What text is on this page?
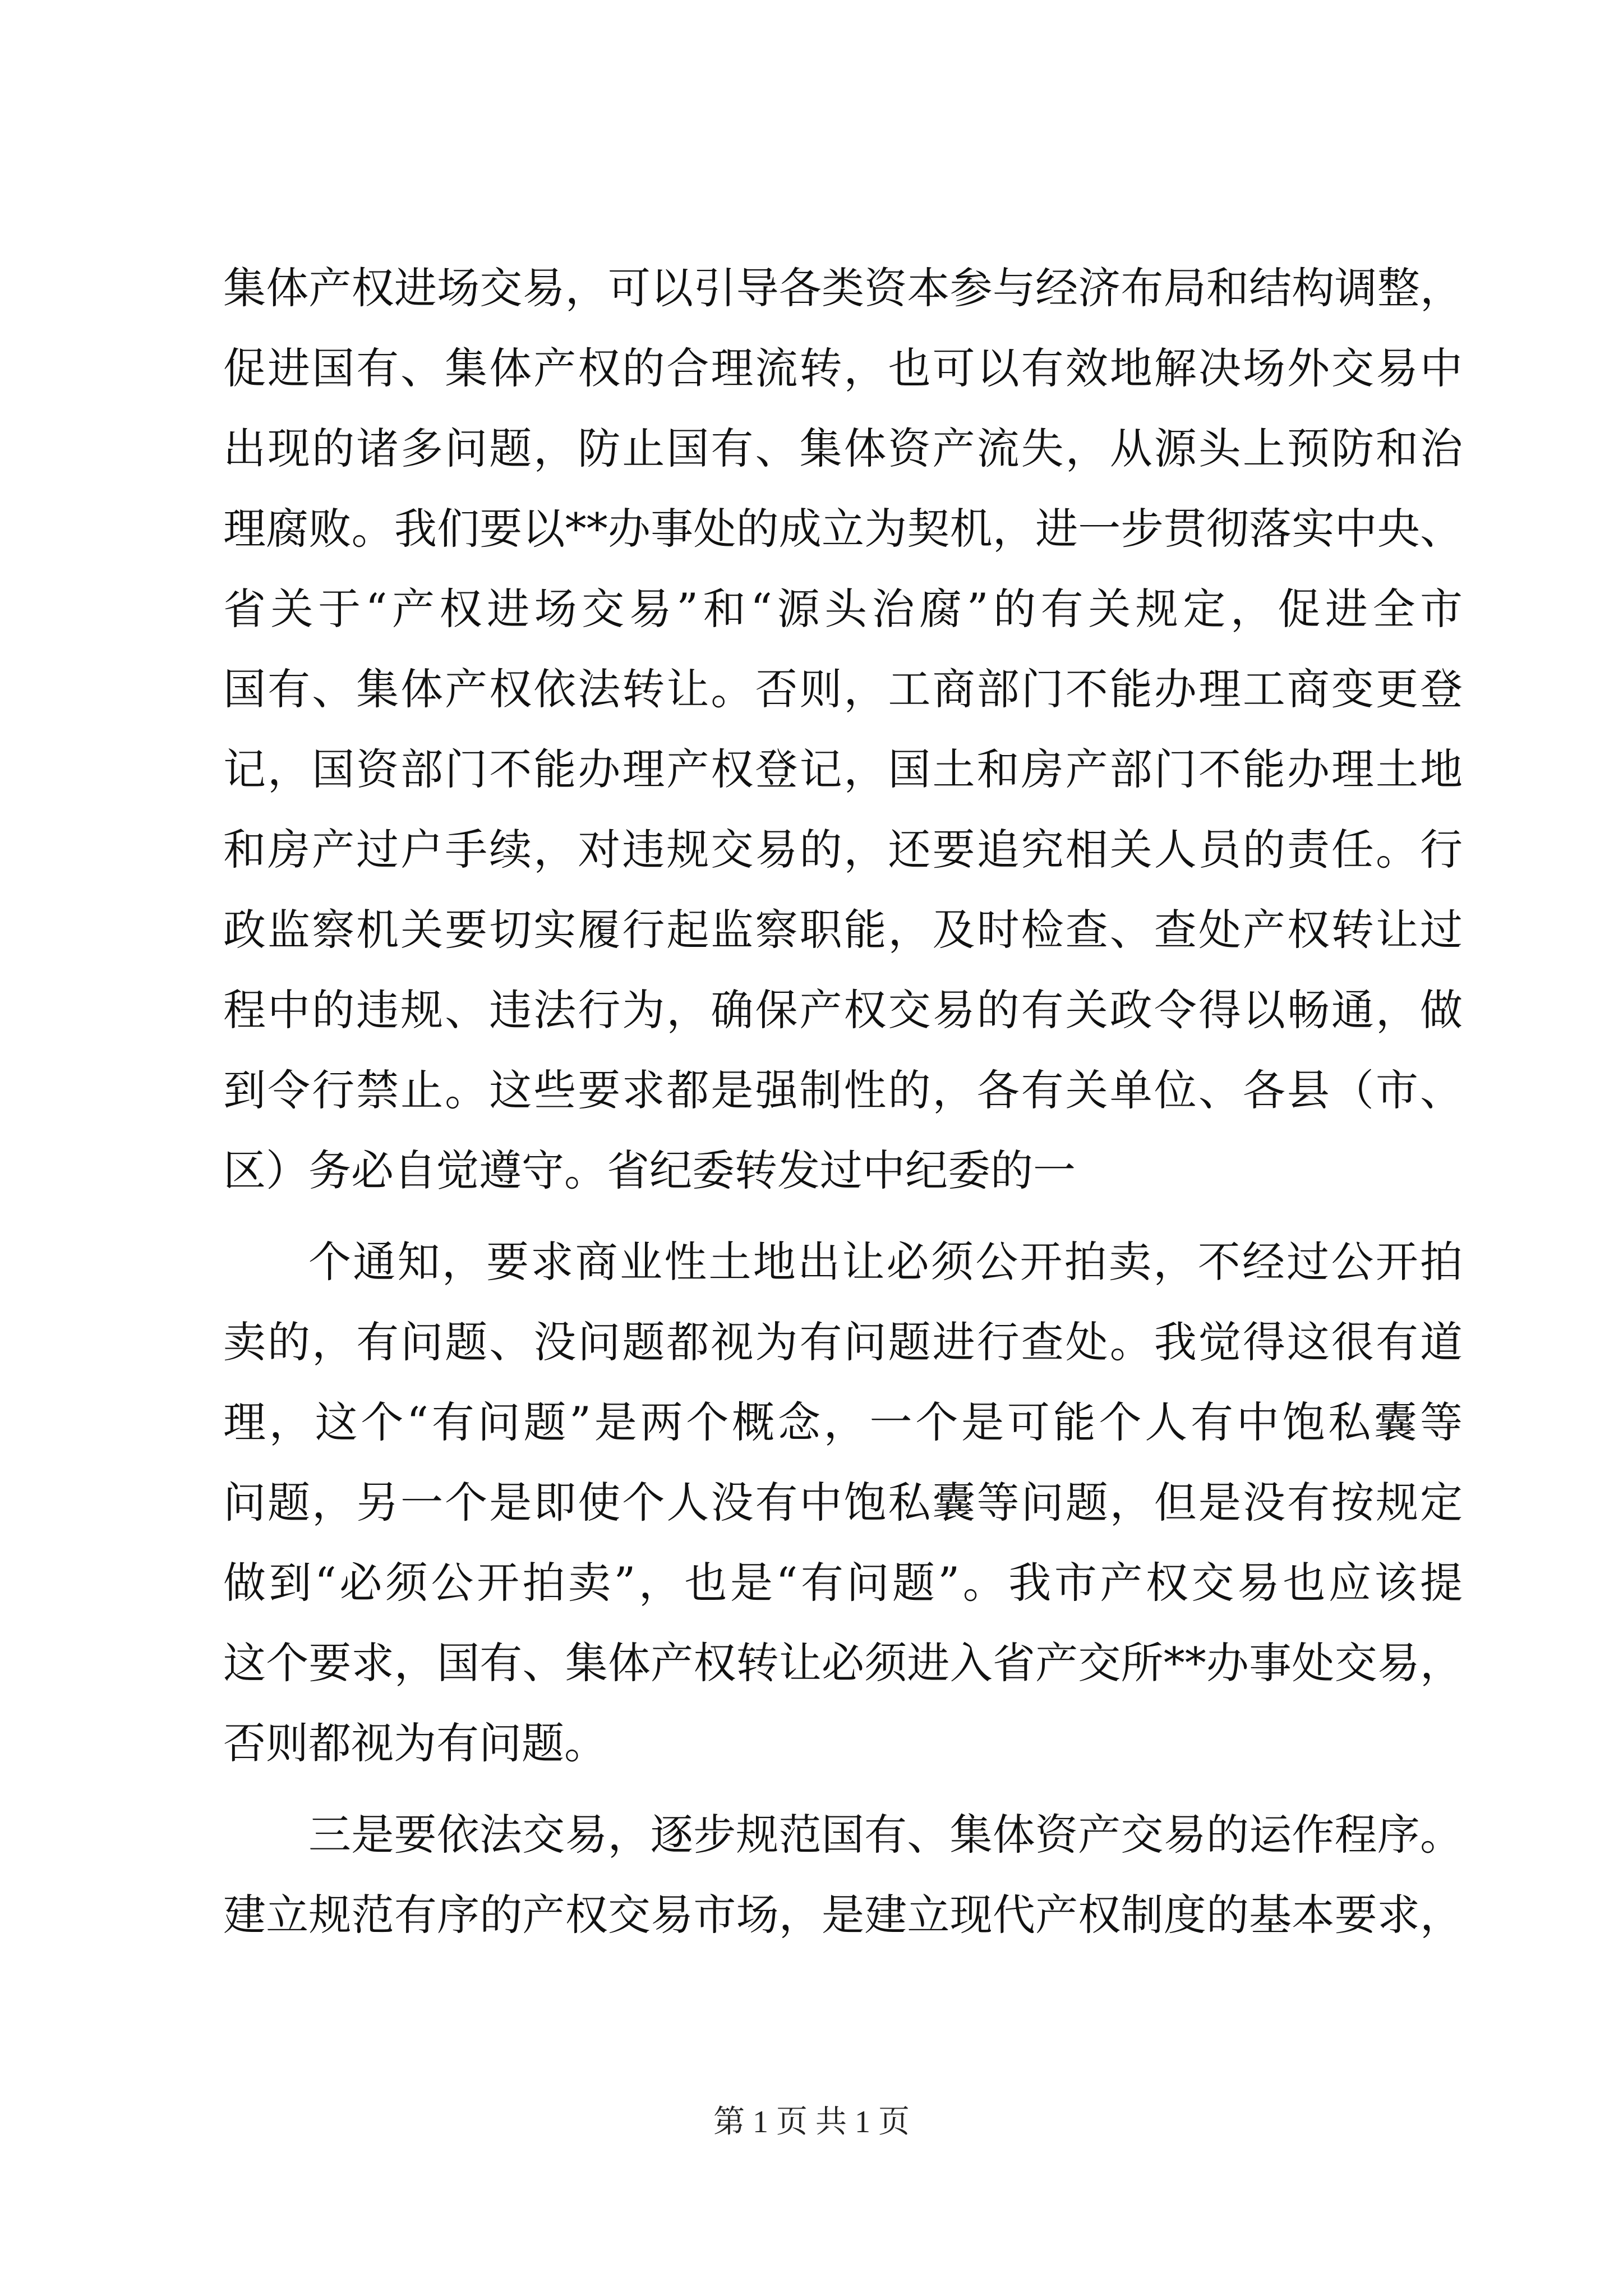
集体产权进场交易，可以引导各类资本参与经济布局和结构调整，
促进国有、集体产权的合理流转，也可以有效地解决场外交易中
出现的诸多问题，防止国有、集体资产流失，从源头上预防和治
理腐败。我们要以**办事处的成立为契机，进一步贯彻落实中央、
省关于“产权进场交易”和“源头治腐”的有关规定，促进全市
国有、集体产权依法转让。否则，工商部门不能办理工商变更登
记，国资部门不能办理产权登记，国土和房产部门不能办理土地
和房产过户手续，对违规交易的，还要追究相关人员的责任。行
政监察机关要切实履行起监察职能，及时检查、查处产权转让过
程中的违规、违法行为，确保产权交易的有关政令得以畅通，做
到令行禁止。这些要求都是强制性的，各有关单位、各县（市、
区）务必自觉遵守。省纪委转发过中纪委的一
个通知，要求商业性土地出让必须公开拍卖，不经过公开拍
卖的，有问题、没问题都视为有问题进行查处。我觉得这很有道
理，这个“有问题”是两个概念，一个是可能个人有中饱私囊等
问题，另一个是即使个人没有中饱私囊等问题，但是没有按规定
做到“必须公开拍卖”，也是“有问题”。我市产权交易也应该提
这个要求，国有、集体产权转让必须进入省产交所**办事处交易，
否则都视为有问题。
三是要依法交易，逐步规范国有、集体资产交易的运作程序。
建立规范有序的产权交易市场，是建立现代产权制度的基本要求，
第 1 页 共 1 页
